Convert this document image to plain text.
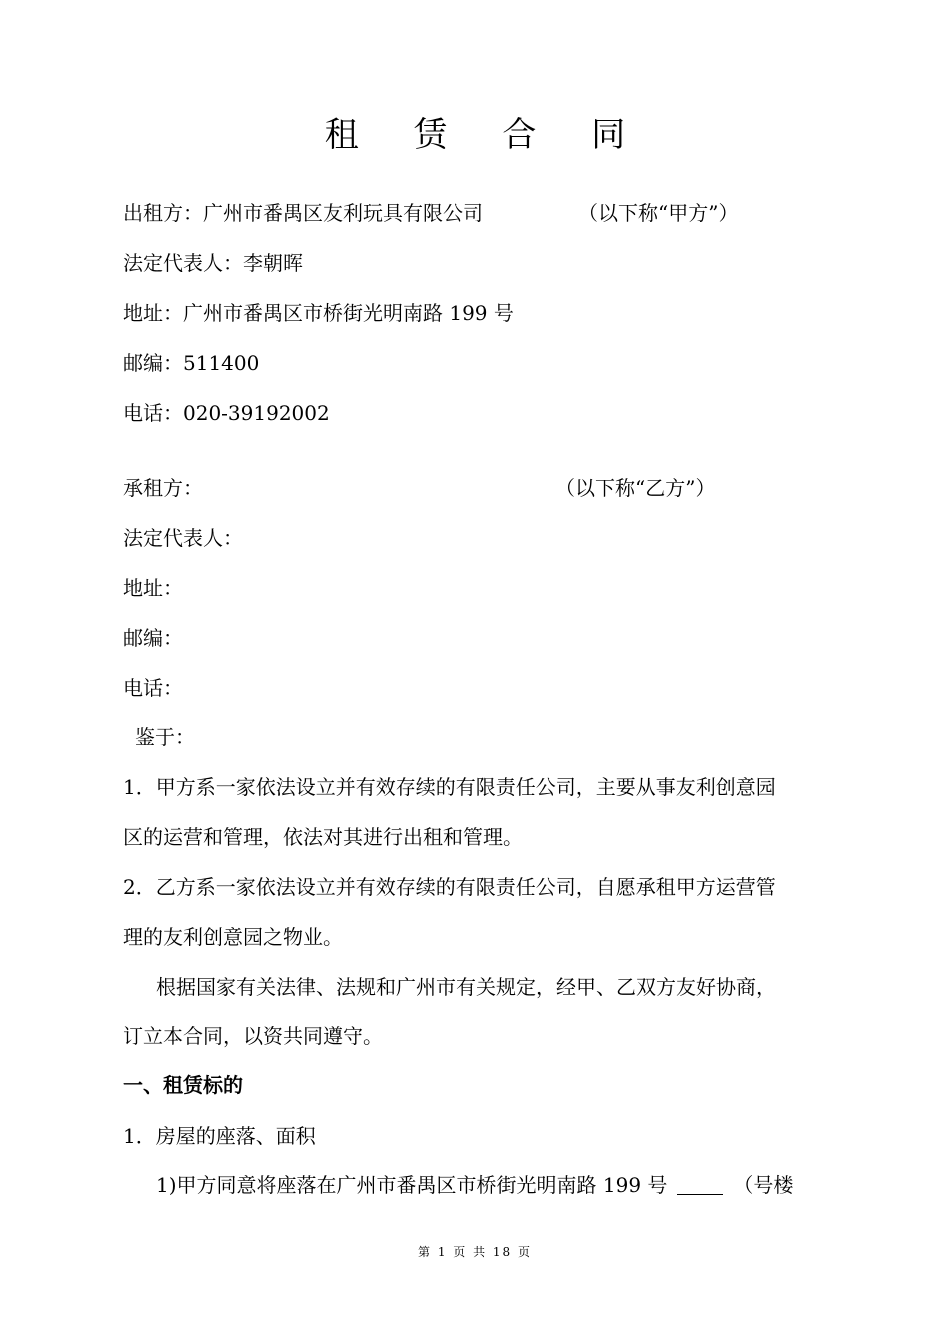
租 赁 合 同
出租方：广州市番禺区友利玩具有限公司	（以下称“甲方”）
法定代表人：李朝晖
地址：广州市番禺区市桥街光明南路 199 号
邮编：511400
电话：020-39192002
承租方：	（以下称“乙方”）
法定代表人：
地址：
邮编：
电话：
鉴于：
1．甲方系一家依法设立并有效存续的有限责任公司，主要从事友利创意园
区的运营和管理，依法对其进行出租和管理。
2．乙方系一家依法设立并有效存续的有限责任公司，自愿承租甲方运营管
理的友利创意园之物业。
根据国家有关法律、法规和广州市有关规定，经甲、乙双方友好协商，
订立本合同，以资共同遵守。
一、租赁标的
1．房屋的座落、面积
1)甲方同意将座落在广州市番禺区市桥街光明南路 199 号	（号楼
第 1 页 共 18 页
